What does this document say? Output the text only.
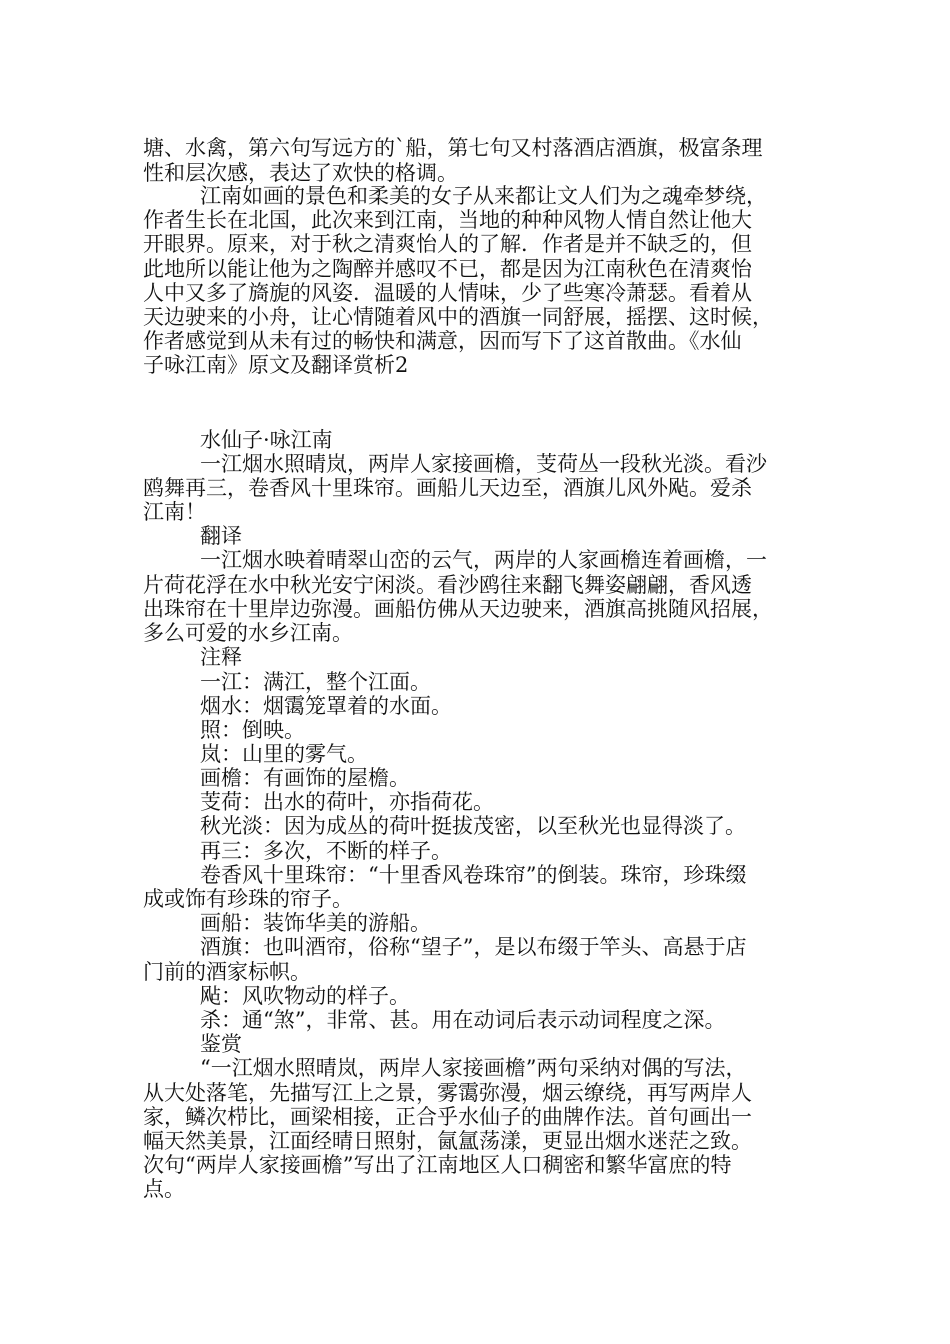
塘、水禽，第六句写远方的`船，第七句又村落酒店酒旗，极富条理
性和层次感，表达了欢快的格调。
江南如画的景色和柔美的女子从来都让文人们为之魂牵梦绕，
作者生长在北国，此次来到江南，当地的种种风物人情自然让他大
开眼界。原来，对于秋之清爽怡人的了解．作者是并不缺乏的，但
此地所以能让他为之陶醉并感叹不已，都是因为江南秋色在清爽怡
人中又多了旖旎的风姿．温暖的人情味，少了些寒冷萧瑟。看着从
天边驶来的小舟，让心情随着风中的酒旗一同舒展，摇摆、这时候，
作者感觉到从未有过的畅快和满意，因而写下了这首散曲。《水仙
子咏江南》原文及翻译赏析2
水仙子·咏江南
一江烟水照晴岚，两岸人家接画檐，芰荷丛一段秋光淡。看沙
鸥舞再三，卷香风十里珠帘。画船儿天边至，酒旗儿风外飐。爱杀
江南！
翻译
一江烟水映着晴翠山峦的云气，两岸的人家画檐连着画檐，一
片荷花浮在水中秋光安宁闲淡。看沙鸥往来翻飞舞姿翩翩，香风透
出珠帘在十里岸边弥漫。画船仿佛从天边驶来，酒旗高挑随风招展，
多么可爱的水乡江南。
注释
一江：满江，整个江面。
烟水：烟霭笼罩着的水面。
照：倒映。
岚：山里的雾气。
画檐：有画饰的屋檐。
芰荷：出水的荷叶，亦指荷花。
秋光淡：因为成丛的荷叶挺拔茂密，以至秋光也显得淡了。
再三：多次，不断的样子。
卷香风十里珠帘：“十里香风卷珠帘”的倒装。珠帘，珍珠缀
成或饰有珍珠的帘子。
画船：装饰华美的游船。
酒旗：也叫酒帘，俗称“望子”，是以布缀于竿头、高悬于店
门前的酒家标帜。
飐：风吹物动的样子。
杀：通“煞”，非常、甚。用在动词后表示动词程度之深。
鉴赏
“一江烟水照晴岚，两岸人家接画檐”两句采纳对偶的写法，
从大处落笔，先描写江上之景，雾霭弥漫，烟云缭绕，再写两岸人
家，鳞次栉比，画梁相接，正合乎水仙子的曲牌作法。首句画出一
幅天然美景，江面经晴日照射，氤氲荡漾，更显出烟水迷茫之致。
次句“两岸人家接画檐”写出了江南地区人口稠密和繁华富庶的特
点。
